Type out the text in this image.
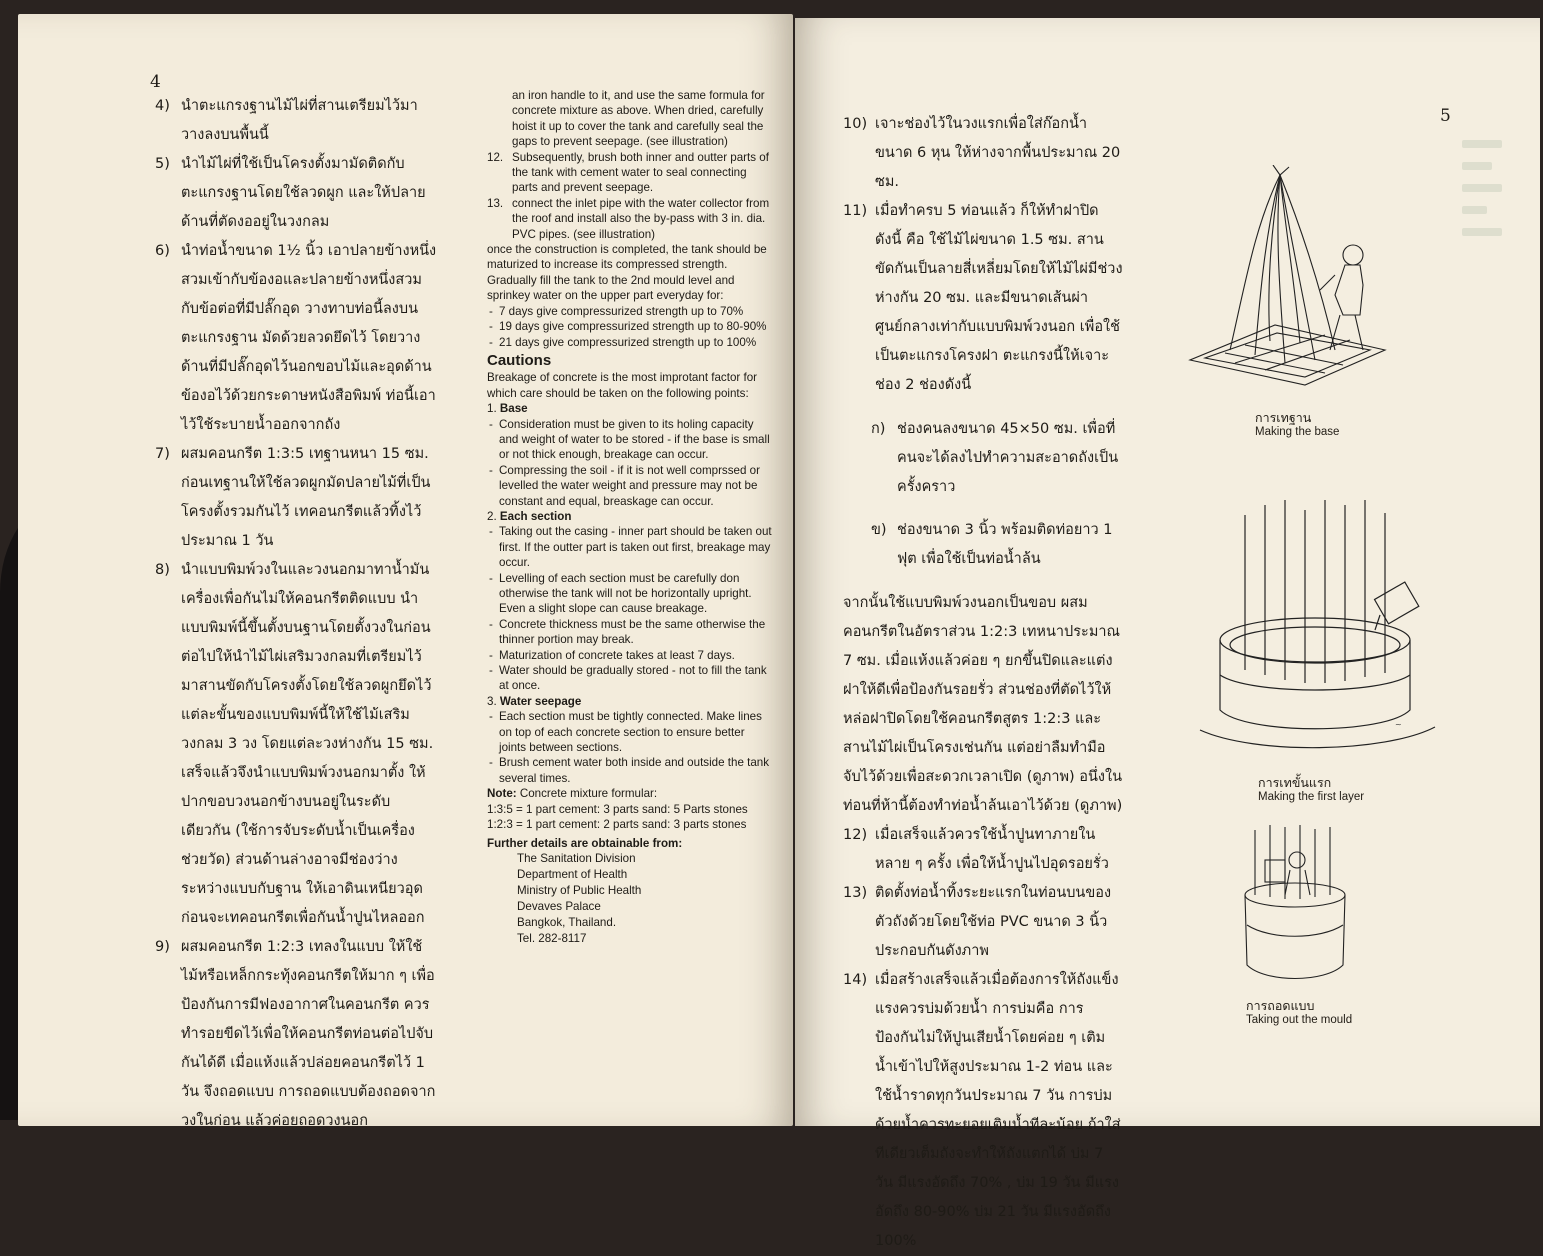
4

4) นำตะแกรงฐานไม้ไผ่ที่สานเตรียมไว้มาวางลงบนพื้นนี้

5) นำไม้ไผ่ที่ใช้เป็นโครงตั้งมามัดติดกับตะแกรงฐานโดยใช้ลวดผูก และให้ปลายด้านที่ตัดงออยู่ในวงกลม

6) นำท่อน้ำขนาด 1½ นิ้ว เอาปลายข้างหนึ่งสวมเข้ากับข้องอและปลายข้างหนึ่งสวมกับข้อต่อที่มีปลั๊กอุด วางทาบท่อนี้ลงบนตะแกรงฐาน มัดด้วยลวดยึดไว้ โดยวางด้านที่มีปลั๊กอุดไว้นอกขอบไม้และอุดด้านข้องอไว้ด้วยกระดาษหนังสือพิมพ์ ท่อนี้เอาไว้ใช้ระบายน้ำออกจากถัง

7) ผสมคอนกรีต 1:3:5 เทฐานหนา 15 ซม. ก่อนเทฐานให้ใช้ลวดผูกมัดปลายไม้ที่เป็นโครงตั้งรวมกันไว้ เทคอนกรีตแล้วทิ้งไว้ประมาณ 1 วัน

8) นำแบบพิมพ์วงในและวงนอกมาทาน้ำมันเครื่องเพื่อกันไม่ให้คอนกรีตติดแบบ นำแบบพิมพ์นี้ขึ้นตั้งบนฐานโดยตั้งวงในก่อน ต่อไปให้นำไม้ไผ่เสริมวงกลมที่เตรียมไว้มาสานขัดกับโครงตั้งโดยใช้ลวดผูกยึดไว้ แต่ละขั้นของแบบพิมพ์นี้ให้ใช้ไม้เสริมวงกลม 3 วง โดยแต่ละวงห่างกัน 15 ซม. เสร็จแล้วจึงนำแบบพิมพ์วงนอกมาตั้ง ให้ปากขอบวงนอกข้างบนอยู่ในระดับเดียวกัน (ใช้การจับระดับน้ำเป็นเครื่องช่วยวัด) ส่วนด้านล่างอาจมีช่องว่างระหว่างแบบกับฐาน ให้เอาดินเหนียวอุดก่อนจะเทคอนกรีตเพื่อกันน้ำปูนไหลออก

9) ผสมคอนกรีต 1:2:3 เทลงในแบบ ให้ใช้ไม้หรือเหล็กกระทุ้งคอนกรีตให้มาก ๆ เพื่อป้องกันการมีฟองอากาศในคอนกรีต ควรทำรอยขีดไว้เพื่อให้คอนกรีตท่อนต่อไปจับกันได้ดี เมื่อแห้งแล้วปล่อยคอนกรีตไว้ 1 วัน จึงถอดแบบ การถอดแบบต้องถอดจากวงในก่อน แล้วค่อยถอดวงนอก

an iron handle to it, and use the same formula for concrete mixture as above. When dried, carefully hoist it up to cover the tank and carefully seal the gaps to prevent seepage. (see illustration)

12. Subsequently, brush both inner and outter parts of the tank with cement water to seal connecting parts and prevent seepage.

13. connect the inlet pipe with the water collector from the roof and install also the by-pass with 3 in. dia. PVC pipes. (see illustration)

once the construction is completed, the tank should be maturized to increase its compressed strength. Gradually fill the tank to the 2nd mould level and sprinkey water on the upper part everyday for:

- 7 days give compressurized strength up to 70%

- 19 days give compressurized strength up to 80-90%

- 21 days give compressurized strength up to 100%

Cautions

Breakage of concrete is the most improtant factor for which care should be taken on the following points:

1. Base

- Consideration must be given to its holing capacity and weight of water to be stored - if the base is small or not thick enough, breakage can occur.

- Compressing the soil - if it is not well comprssed or levelled the water weight and pressure may not be constant and equal, breaskage can occur.

2. Each section

- Taking out the casing - inner part should be taken out first. If the outter part is taken out first, breakage may occur.

- Levelling of each section must be carefully don otherwise the tank will not be horizontally upright. Even a slight slope can cause breakage.

- Concrete thickness must be the same otherwise the thinner portion may break.

- Maturization of concrete takes at least 7 days.

- Water should be gradually stored - not to fill the tank at once.

3. Water seepage

- Each section must be tightly connected. Make lines on top of each concrete section to ensure better joints between sections.

- Brush cement water both inside and outside the tank several times.

Note: Concrete mixture formular:

1:3:5 = 1 part cement: 3 parts sand: 5 Parts stones

1:2:3 = 1 part cement: 2 parts sand: 3 parts stones

Further details are obtainable from:

The Sanitation Division

Department of Health

Ministry of Public Health

Devaves Palace

Bangkok, Thailand.

Tel. 282-8117

5

10) เจาะช่องไว้ในวงแรกเพื่อใส่ก๊อกน้ำขนาด 6 หุน ให้ห่างจากพื้นประมาณ 20 ซม.

11) เมื่อทำครบ 5 ท่อนแล้ว ก็ให้ทำฝาปิดดังนี้ คือ ใช้ไม้ไผ่ขนาด 1.5 ซม. สานขัดกันเป็นลายสี่เหลี่ยมโดยให้ไม้ไผ่มีช่วงห่างกัน 20 ซม. และมีขนาดเส้นผ่าศูนย์กลางเท่ากับแบบพิมพ์วงนอก เพื่อใช้เป็นตะแกรงโครงฝา ตะแกรงนี้ให้เจาะช่อง 2 ช่องดังนี้

ก) ช่องคนลงขนาด 45×50 ซม. เพื่อที่คนจะได้ลงไปทำความสะอาดถังเป็นครั้งคราว

ข) ช่องขนาด 3 นิ้ว พร้อมติดท่อยาว 1 ฟุต เพื่อใช้เป็นท่อน้ำล้น

จากนั้นใช้แบบพิมพ์วงนอกเป็นขอบ ผสมคอนกรีตในอัตราส่วน 1:2:3 เทหนาประมาณ 7 ซม. เมื่อแห้งแล้วค่อย ๆ ยกขึ้นปิดและแต่งฝาให้ดีเพื่อป้องกันรอยรั่ว ส่วนช่องที่ตัดไว้ให้หล่อฝาปิดโดยใช้คอนกรีตสูตร 1:2:3 และสานไม้ไผ่เป็นโครงเช่นกัน แต่อย่าลืมทำมือจับไว้ด้วยเพื่อสะดวกเวลาเปิด (ดูภาพ) อนึ่งในท่อนที่ห้านี้ต้องทำท่อน้ำล้นเอาไว้ด้วย (ดูภาพ)

12) เมื่อเสร็จแล้วควรใช้น้ำปูนทาภายในหลาย ๆ ครั้ง เพื่อให้น้ำปูนไปอุดรอยรั่ว

13) ติดตั้งท่อน้ำทิ้งระยะแรกในท่อนบนของตัวถังด้วยโดยใช้ท่อ PVC ขนาด 3 นิ้ว ประกอบกันดังภาพ

14) เมื่อสร้างเสร็จแล้วเมื่อต้องการให้ถังแข็งแรงควรบ่มด้วยน้ำ การบ่มคือ การป้องกันไม่ให้ปูนเสียน้ำโดยค่อย ๆ เติมน้ำเข้าไปให้สูงประมาณ 1-2 ท่อน และใช้น้ำราดทุกวันประมาณ 7 วัน การบ่มด้วยน้ำควรทะยอยเติมน้ำทีละน้อย ถ้าใส่ทีเดียวเต็มถังจะทำให้ถังแตกได้ บ่ม 7 วัน มีแรงอัดถึง 70% , บ่ม 19 วัน มีแรงอัดถึง 80-90% บ่ม 21 วัน มีแรงอัดถึง 100%

การเทฐาน
Making the base
~
การเทขั้นแรก
Making the first layer
การถอดแบบ
Taking out the mould
